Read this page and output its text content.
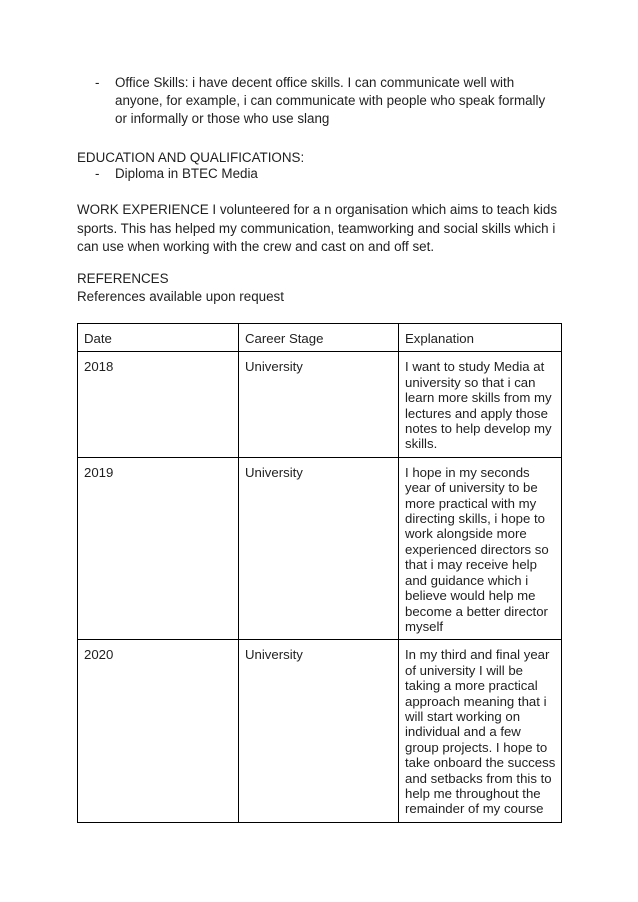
- Office Skills: i have decent office skills. I can communicate well with anyone, for example, i can communicate with people who speak formally or informally or those who use slang
EDUCATION AND QUALIFICATIONS:
- Diploma in BTEC Media
WORK EXPERIENCE I volunteered for a n organisation which aims to teach kids sports. This has helped my communication, teamworking and social skills which i can use when working with the crew and cast on and off set.
REFERENCES
References available upon request
Date	Career Stage	Explanation
2018	University	I want to study Media at university so that i can learn more skills from my lectures and apply those notes to help develop my skills.
2019	University	I hope in my seconds year of university to be more practical with my directing skills, i hope to work alongside more experienced directors so that i may receive help and guidance which i believe would help me become a better director myself
2020	University	In my third and final year of university I will be taking a more practical approach meaning that i will start working on individual and a few group projects. I hope to take onboard the success and setbacks from this to help me throughout the remainder of my course
